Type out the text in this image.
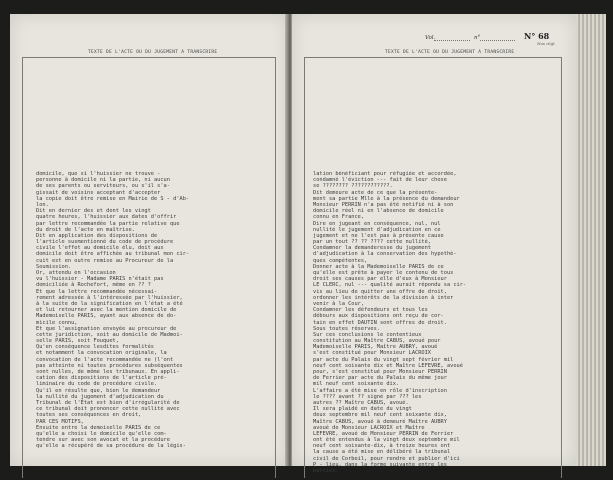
TEXTE DE L'ACTE OU DU JUGEMENT A TRANSCRIRE
domicile, que si l'huissier ne trouve -
personne à domicile ni la partie, ni aucun
de ses parents ou serviteurs, ou s'il s'a-
gissait de voisins acceptant d'accepter
la copie doit être remise en Mairie de S - d'Ab-
lon.
Dit en dernier des et dont les vingt
quatre heures, l'huissier aux dates d'offrir
par lettre recommandée la partie relative que
du droit de l'acte en maîtrise.
Dit en application des dispositions de
l'article susmentionné du code de procédure
civile l'effet au domicile élu, doit aux
domicile doit être affichée au tribunal mon cir-
cuit est en outre remise au Procureur de la
Soumission.
Or, attendu en l'occasion
vu l'huissier - Madame PARIS n'était pas
domiciliée à Rochefort, même en ?? ?
Et que la lettre recommandée nécessai-
rement adressée à l'intéressée par l'huissier,
à la suite de la signification en l'état a été
et lui retourner avec la mention domicile de
Mademoiselle PARIS, ayant aux absence de do-
micile connu,
Et que l'assignation envoyée au procureur de
cette juridiction, soit au domicile de Madmoi-
selle PARIS, soit Fouquet,
Qu'en conséquence lesdites formalités
et notamment la convocation originale, la
convocation de l'acte recommandée ne (l'ont
pas atteinte ni toutes procédures subséquentes
sont nulles, de même les tribunaux. En appli-
cation des dispositions de l'article pré-
liminaire du code de procédure civile.
Qu'il en résulte que, bien le demandeur
la nullité du jugement d'adjudication du
Tribunal de l'État est bien d'irrégularité de
ce tribunal doit prononcer cette nullité avec
toutes ses conséquences en droit,
PAR CES MOTIFS,
Ensuite entre la demoiselle PARIS de ce
qu'elle a choisi le domicile qu'elle com-
tendre sur avec son avocat et la procédure
qu'elle a récupéré de sa procédure de la légis-
Vol.	n°	N° 68
Nos régl.
TEXTE DE L'ACTE OU DU JUGEMENT A TRANSCRIRE
lation bénéficiant pour réfugiée et accordée,
condamné l'éviction --- fait de leur chose
se ???????? ????????????.
Dit demeure acte de ce que la présente-
ment sa partie Mlle à la présence du demandeur
Monsieur PERRIN n'a pas été notifié ni à son
domicile réel ni en l'absence de domicile
connu en France,
Dire en jugeant en conséquence, nul, nul
nullité le jugement d'adjudication en ce
jugement et ne l'est pas à présente cause
par un tout ?? ?? ???? cette nullité,
Condamner la demanderesse du jugement
d'adjudication à la conservation des hypothè-
ques compétentes,
Donner acte à la Mademoiselle PARIS de ce
qu'elle est prête à payer le contenu de tous
droit ses causes par elle d'eux à Monsieur
LE CLERC, nul --- qualité aurait répondu sa cir-
vis au lieu de quitter une offre de droit,
ordonner les intérêts de la division à inter
venir à la Cour,
Condamner les défendeurs et tous les
débours aux dispositions ont reçu de cor-
tain en effet DAUTIN sont offres de droit.
Sous toutes réserves.
Sur ces conclusions le contentieux
constitution au Maître CABUS, avoué pour
Mademoiselle PARIS, Maître AUBRY, avoué
s'est constitué pour Monsieur LACROIX
par acte du Palais du vingt sept février mil
neuf cent soixante dix et Maître LEFEVRE, avoué
pour, s'est constitué pour Monsieur PERRIN
de Ferrier par acte du Palais du même jour
mil neuf cent soixante dix.
L'affaire a été mise en rôle d'inscription
le ???? avant ?? signé par ??? les
autres ?? Maître CABUS, avoué.
Il sera plaidé en date du vingt
deux septembre mil neuf cent soixante dix,
Maître CABUS, avoué à demeuré Maître AUBRY
avoué de Monsieur LACROIX et Maître
LEFEVRE, avoué de Monsieur PERRIN de Ferrier
ont été entendus à la vingt deux septembre mil
neuf cent soixante-dix, à treize heures ont
la cause a été mise en délibéré la tribunal
civil de Corbeil, pour rendre et publier d'ici
P - lieu, dans la forme suivante entre les
parties.
